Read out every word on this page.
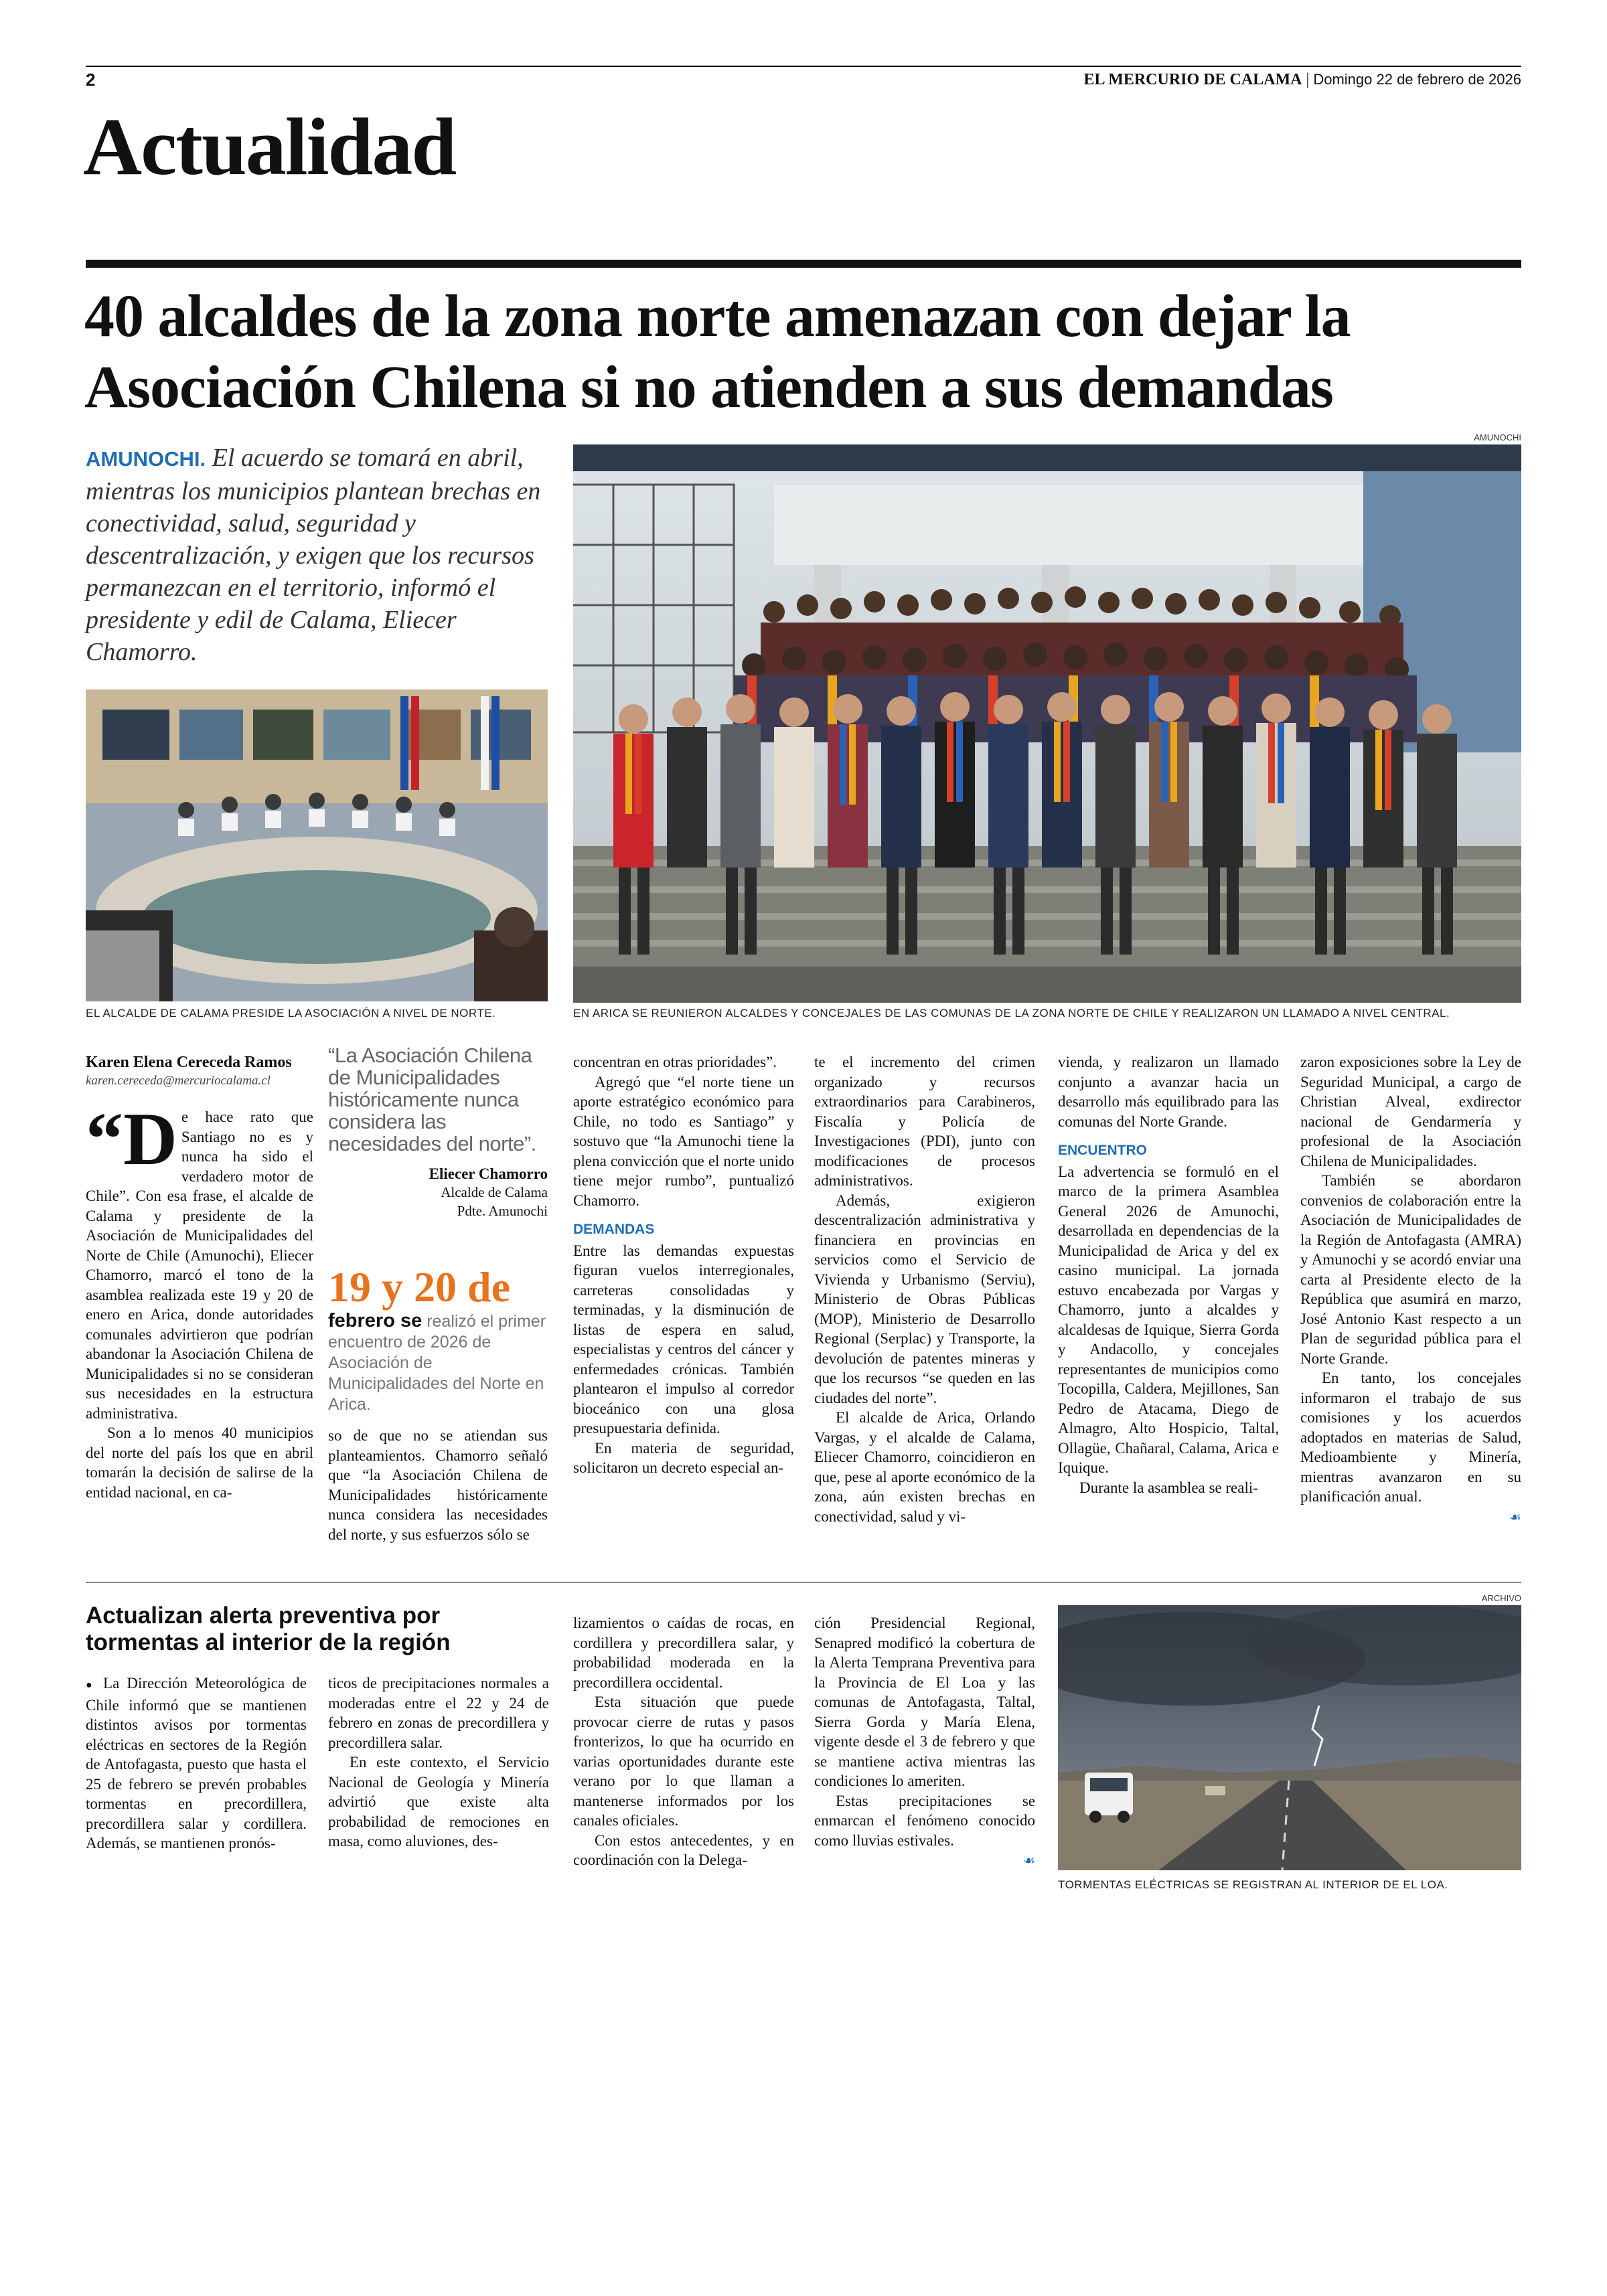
2	EL MERCURIO DE CALAMA | Domingo 22 de febrero de 2026
Actualidad
40 alcaldes de la zona norte amenazan con dejar la
Asociación Chilena si no atienden a sus demandas
AMUNOCHI. El acuerdo se tomará en abril, mientras los municipios plantean brechas en conectividad, salud, seguridad y descentralización, y exigen que los recursos permanezcan en el territorio, informó el presidente y edil de Calama, Eliecer Chamorro.
EL ALCALDE DE CALAMA PRESIDE LA ASOCIACIÓN A NIVEL DE NORTE.
AMUNOCHI
EN ARICA SE REUNIERON ALCALDES Y CONCEJALES DE LAS COMUNAS DE LA ZONA NORTE DE CHILE Y REALIZARON UN LLAMADO A NIVEL CENTRAL.
Karen Elena Cereceda Ramos
karen.cereceda@mercuriocalama.cl

“D e hace rato que Santiago no es y nunca ha sido el verdadero motor de Chile”. Con esa frase, el alcalde de Calama y presidente de la Asociación de Municipalidades del Norte de Chile (Amunochi), Eliecer Chamorro, marcó el tono de la asamblea realizada este 19 y 20 de enero en Arica, donde autoridades comunales advirtieron que podrían abandonar la Asociación Chilena de Municipalidades si no se consideran sus necesidades en la estructura administrativa.

Son a lo menos 40 municipios del norte del país los que en abril tomarán la decisión de salirse de la entidad nacional, en ca-

“La Asociación Chilena de Municipalidades históricamente nunca considera las necesidades del norte”.
Eliecer Chamorro
Alcalde de Calama
Pdte. Amunochi
19 y 20 de
febrero se realizó el primer encuentro de 2026 de Asociación de Municipalidades del Norte en Arica.

so de que no se atiendan sus planteamientos. Chamorro señaló que “la Asociación Chilena de Municipalidades históricamente nunca considera las necesidades del norte, y sus esfuerzos sólo se

concentran en otras prioridades”.

Agregó que “el norte tiene un aporte estratégico económico para Chile, no todo es Santiago” y sostuvo que “la Amunochi tiene la plena convicción que el norte unido tiene mejor rumbo”, puntualizó Chamorro.

DEMANDAS

Entre las demandas expuestas figuran vuelos interregionales, carreteras consolidadas y terminadas, y la disminución de listas de espera en salud, especialistas y centros del cáncer y enfermedades crónicas. También plantearon el impulso al corredor bioceánico con una glosa presupuestaria definida.

En materia de seguridad, solicitaron un decreto especial an-

te el incremento del crimen organizado y recursos extraordinarios para Carabineros, Fiscalía y Policía de Investigaciones (PDI), junto con modificaciones de procesos administrativos.

Además, exigieron descentralización administrativa y financiera en provincias en servicios como el Servicio de Vivienda y Urbanismo (Serviu), Ministerio de Obras Públicas (MOP), Ministerio de Desarrollo Regional (Serplac) y Transporte, la devolución de patentes mineras y que los recursos “se queden en las ciudades del norte”.

El alcalde de Arica, Orlando Vargas, y el alcalde de Calama, Eliecer Chamorro, coincidieron en que, pese al aporte económico de la zona, aún existen brechas en conectividad, salud y vi-

vienda, y realizaron un llamado conjunto a avanzar hacia un desarrollo más equilibrado para las comunas del Norte Grande.

ENCUENTRO

La advertencia se formuló en el marco de la primera Asamblea General 2026 de Amunochi, desarrollada en dependencias de la Municipalidad de Arica y del ex casino municipal. La jornada estuvo encabezada por Vargas y Chamorro, junto a alcaldes y alcaldesas de Iquique, Sierra Gorda y Andacollo, y concejales representantes de municipios como Tocopilla, Caldera, Mejillones, San Pedro de Atacama, Diego de Almagro, Alto Hospicio, Taltal, Ollagüe, Chañaral, Calama, Arica e Iquique.

Durante la asamblea se reali-

zaron exposiciones sobre la Ley de Seguridad Municipal, a cargo de Christian Alveal, exdirector nacional de Gendarmería y profesional de la Asociación Chilena de Municipalidades.

También se abordaron convenios de colaboración entre la Asociación de Municipalidades de la Región de Antofagasta (AMRA) y Amunochi y se acordó enviar una carta al Presidente electo de la República que asumirá en marzo, José Antonio Kast respecto a un Plan de seguridad pública para el Norte Grande.

En tanto, los concejales informaron el trabajo de sus comisiones y los acuerdos adoptados en materias de Salud, Medioambiente y Minería, mientras avanzaron en su planificación anual.

☙
Actualizan alerta preventiva por
tormentas al interior de la región

● La Dirección Meteorológica de Chile informó que se mantienen distintos avisos por tormentas eléctricas en sectores de la Región de Antofagasta, puesto que hasta el 25 de febrero se prevén probables tormentas en precordillera, precordillera salar y cordillera. Además, se mantienen pronós-

ticos de precipitaciones normales a moderadas entre el 22 y 24 de febrero en zonas de precordillera y precordillera salar.

En este contexto, el Servicio Nacional de Geología y Minería advirtió que existe alta probabilidad de remociones en masa, como aluviones, des-

lizamientos o caídas de rocas, en cordillera y precordillera salar, y probabilidad moderada en la precordillera occidental.

Esta situación que puede provocar cierre de rutas y pasos fronterizos, lo que ha ocurrido en varias oportunidades durante este verano por lo que llaman a mantenerse informados por los canales oficiales.

Con estos antecedentes, y en coordinación con la Delega-

ción Presidencial Regional, Senapred modificó la cobertura de la Alerta Temprana Preventiva para la Provincia de El Loa y las comunas de Antofagasta, Taltal, Sierra Gorda y María Elena, vigente desde el 3 de febrero y que se mantiene activa mientras las condiciones lo ameriten.

Estas precipitaciones se enmarcan el fenómeno conocido como lluvias estivales.

☙
ARCHIVO
TORMENTAS ELÉCTRICAS SE REGISTRAN AL INTERIOR DE EL LOA.
